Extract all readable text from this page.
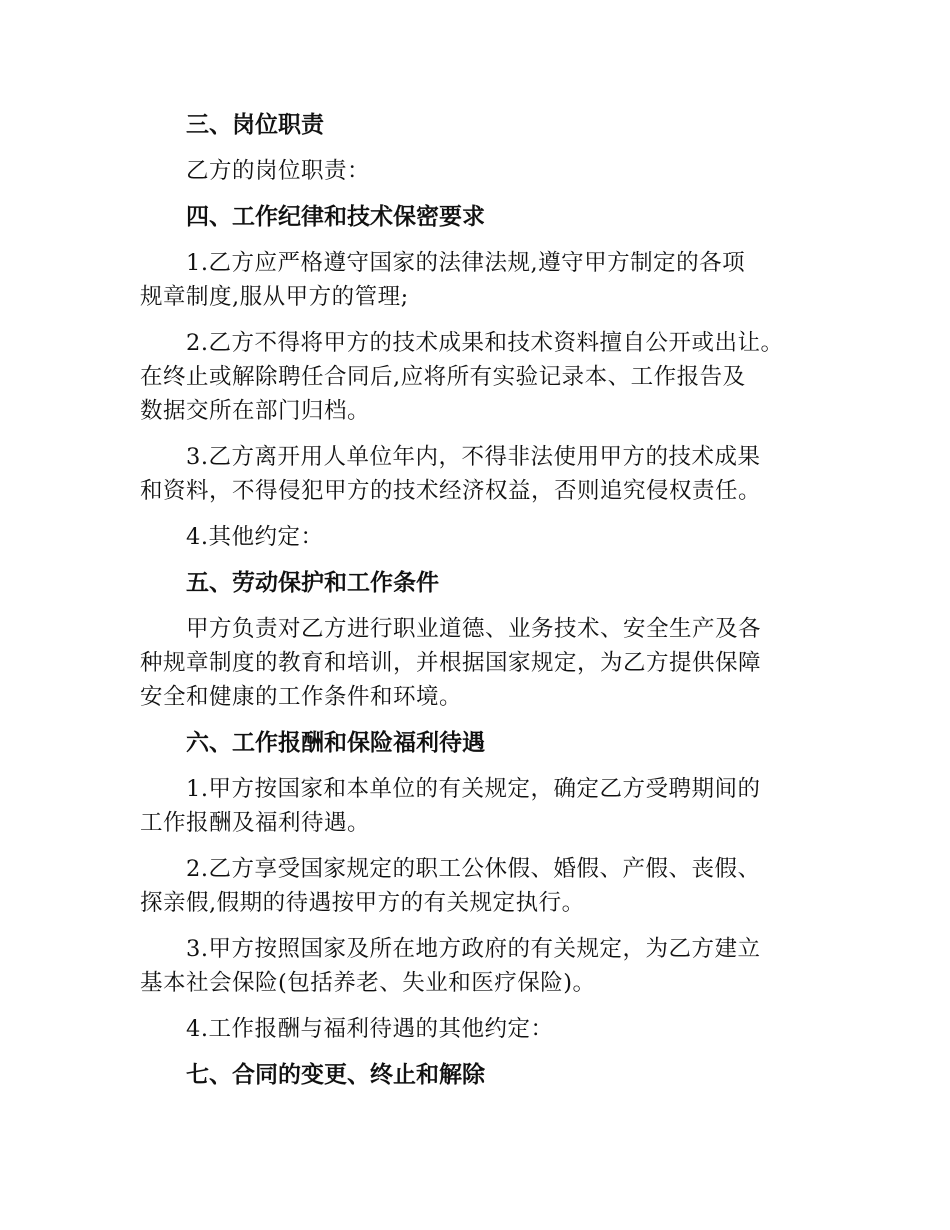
三、岗位职责
乙方的岗位职责：
四、工作纪律和技术保密要求
1.乙方应严格遵守国家的法律法规,遵守甲方制定的各项
规章制度,服从甲方的管理;
2.乙方不得将甲方的技术成果和技术资料擅自公开或出让。
在终止或解除聘任合同后,应将所有实验记录本、工作报告及
数据交所在部门归档。
3.乙方离开用人单位年内，不得非法使用甲方的技术成果
和资料，不得侵犯甲方的技术经济权益，否则追究侵权责任。
4.其他约定：
五、劳动保护和工作条件
甲方负责对乙方进行职业道德、业务技术、安全生产及各
种规章制度的教育和培训，并根据国家规定，为乙方提供保障
安全和健康的工作条件和环境。
六、工作报酬和保险福利待遇
1.甲方按国家和本单位的有关规定，确定乙方受聘期间的
工作报酬及福利待遇。
2.乙方享受国家规定的职工公休假、婚假、产假、丧假、
探亲假,假期的待遇按甲方的有关规定执行。
3.甲方按照国家及所在地方政府的有关规定，为乙方建立
基本社会保险(包括养老、失业和医疗保险)。
4.工作报酬与福利待遇的其他约定：
七、合同的变更、终止和解除
